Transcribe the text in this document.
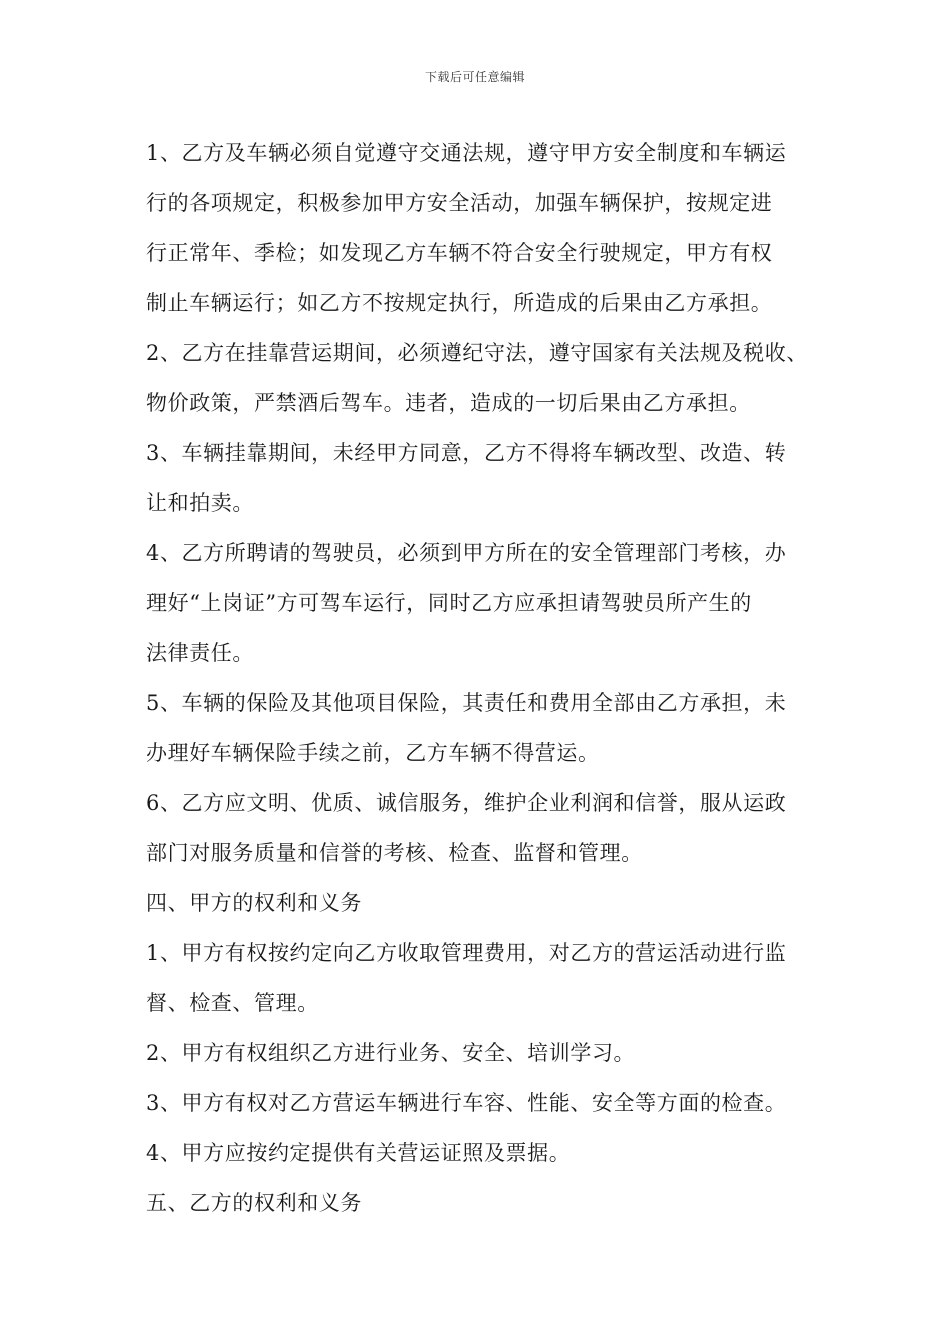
下载后可任意编辑
1、乙方及车辆必须自觉遵守交通法规，遵守甲方安全制度和车辆运
行的各项规定，积极参加甲方安全活动，加强车辆保护，按规定进
行正常年、季检；如发现乙方车辆不符合安全行驶规定，甲方有权
制止车辆运行；如乙方不按规定执行，所造成的后果由乙方承担。
2、乙方在挂靠营运期间，必须遵纪守法，遵守国家有关法规及税收、
物价政策，严禁酒后驾车。违者，造成的一切后果由乙方承担。
3、车辆挂靠期间，未经甲方同意，乙方不得将车辆改型、改造、转
让和拍卖。
4、乙方所聘请的驾驶员，必须到甲方所在的安全管理部门考核，办
理好“上岗证”方可驾车运行，同时乙方应承担请驾驶员所产生的
法律责任。
5、车辆的保险及其他项目保险，其责任和费用全部由乙方承担，未
办理好车辆保险手续之前，乙方车辆不得营运。
6、乙方应文明、优质、诚信服务，维护企业利润和信誉，服从运政
部门对服务质量和信誉的考核、检查、监督和管理。
四、甲方的权利和义务
1、甲方有权按约定向乙方收取管理费用，对乙方的营运活动进行监
督、检查、管理。
2、甲方有权组织乙方进行业务、安全、培训学习。
3、甲方有权对乙方营运车辆进行车容、性能、安全等方面的检查。
4、甲方应按约定提供有关营运证照及票据。
五、乙方的权利和义务
